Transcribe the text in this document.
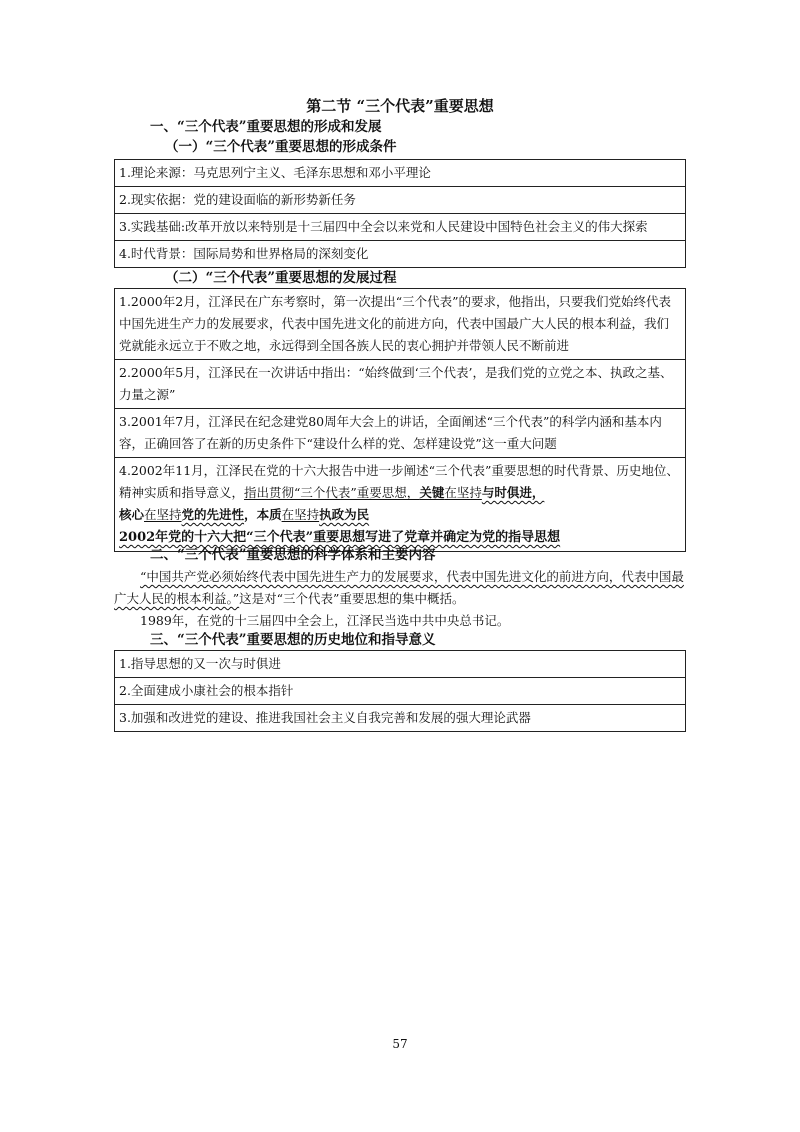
第二节 “三个代表”重要思想
一、“三个代表”重要思想的形成和发展
（一）“三个代表”重要思想的形成条件
1.理论来源：马克思列宁主义、毛泽东思想和邓小平理论
2.现实依据：党的建设面临的新形势新任务
3.实践基础:改革开放以来特别是十三届四中全会以来党和人民建设中国特色社会主义的伟大探索
4.时代背景：国际局势和世界格局的深刻变化
（二）“三个代表”重要思想的发展过程
1.2000年2月，江泽民在广东考察时，第一次提出“三个代表”的要求，他指出，只要我们党始终代表中国先进生产力的发展要求，代表中国先进文化的前进方向，代表中国最广大人民的根本利益，我们党就能永远立于不败之地，永远得到全国各族人民的衷心拥护并带领人民不断前进
2.2000年5月，江泽民在一次讲话中指出：“始终做到‘三个代表’，是我们党的立党之本、执政之基、力量之源”
3.2001年7月，江泽民在纪念建党80周年大会上的讲话，全面阐述“三个代表”的科学内涵和基本内容，正确回答了在新的历史条件下“建设什么样的党、怎样建设党”这一重大问题
4.2002年11月，江泽民在党的十六大报告中进一步阐述“三个代表”重要思想的时代背景、历史地位、精神实质和指导意义，指出贯彻“三个代表”重要思想，关键在坚持与时俱进，
核心在坚持党的先进性，本质在坚持执政为民
2002年党的十六大把“三个代表”重要思想写进了党章并确定为党的指导思想
二、“三个代表”重要思想的科学体系和主要内容

“中国共产党必须始终代表中国先进生产力的发展要求，代表中国先进文化的前进方向，代表中国最广大人民的根本利益。”这是对“三个代表”重要思想的集中概括。

1989年，在党的十三届四中全会上，江泽民当选中共中央总书记。

三、“三个代表”重要思想的历史地位和指导意义
1.指导思想的又一次与时俱进
2.全面建成小康社会的根本指针
3.加强和改进党的建设、推进我国社会主义自我完善和发展的强大理论武器
57
